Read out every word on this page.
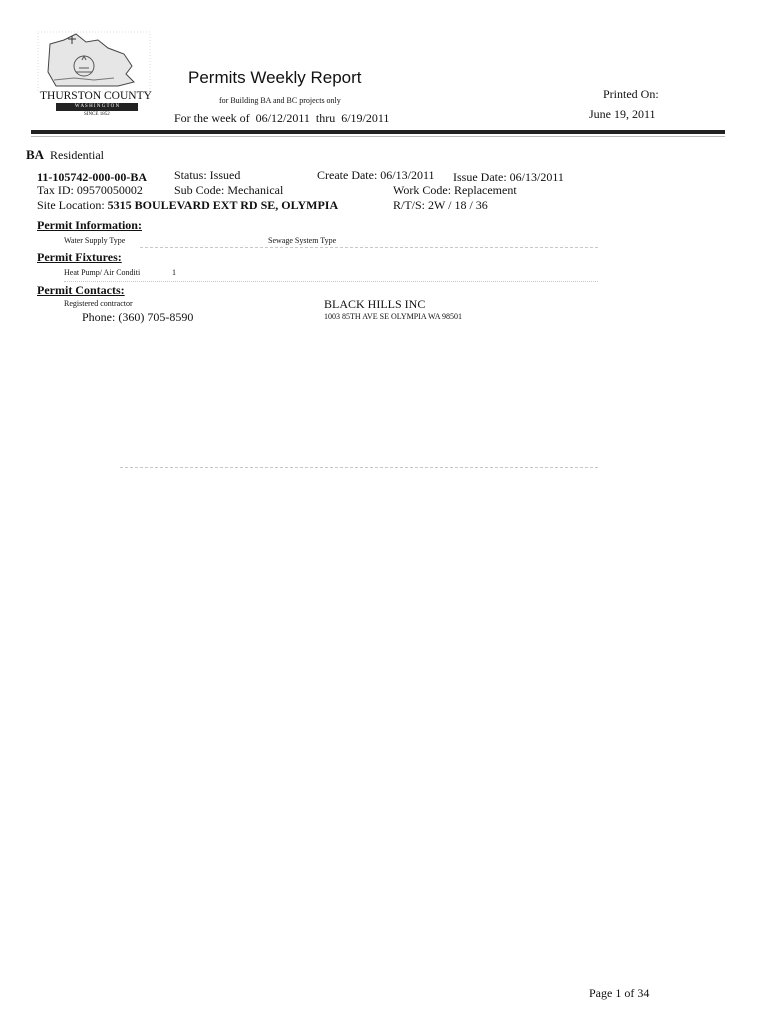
THURSTON COUNTY
W A S H I N G T O N
SINCE 1852
Permits Weekly Report
for Building BA and BC projects only
For the week of  06/12/2011  thru  6/19/2011
Printed On:
June 19, 2011
BA Residential
11-105742-000-00-BA Status: Issued	Create Date: 06/13/2011 Issue Date: 06/13/2011
Tax ID: 09570050002	Sub Code: Mechanical	Work Code: Replacement
Site Location: 5315 BOULEVARD EXT RD SE, OLYMPIA	R/T/S: 2W / 18 / 36
Permit Information:
Water Supply Type	Sewage System Type
Permit Fixtures:
Heat Pump/ Air Conditi	1
Permit Contacts:
Registered contractor
Phone: (360) 705-8590
BLACK HILLS INC
1003 85TH AVE SE OLYMPIA WA 98501
Page 1 of 34
